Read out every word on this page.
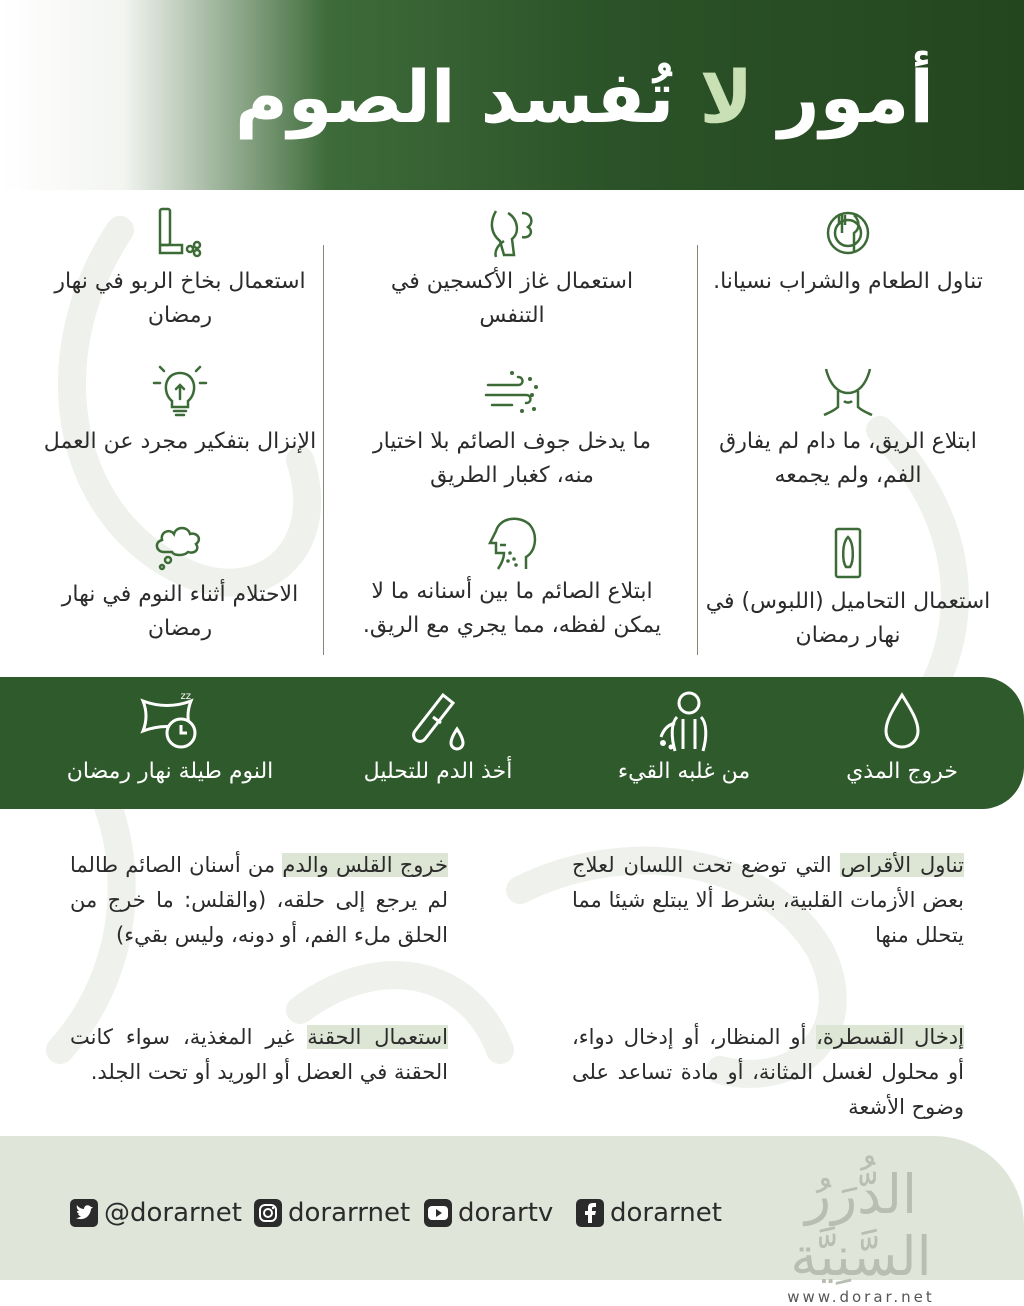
أمور لا تُفسد الصوم
تناول الطعام والشراب نسيانا.
استعمال غاز الأكسجين في التنفس
استعمال بخاخ الربو في نهار رمضان
ابتلاع الريق، ما دام لم يفارق الفم، ولم يجمعه
ما يدخل جوف الصائم بلا اختيار منه، كغبار الطريق
الإنزال بتفكير مجرد عن العمل
استعمال التحاميل (اللبوس) في نهار رمضان
ابتلاع الصائم ما بين أسنانه ما لا يمكن لفظه، مما يجري مع الريق.
الاحتلام أثناء النوم في نهار رمضان
خروج المذي
من غلبه القيء
أخذ الدم للتحليل
zz
النوم طيلة نهار رمضان
تناول الأقراص التي توضع تحت اللسان لعلاج بعض الأزمات القلبية، بشرط ألا يبتلع شيئا مما يتحلل منها
خروج القلس والدم من أسنان الصائم طالما لم يرجع إلى حلقه، (والقلس: ما خرج من الحلق ملء الفم، أو دونه، وليس بقيء)
إدخال القسطرة، أو المنظار، أو إدخال دواء، أو محلول لغسل المثانة، أو مادة تساعد على وضوح الأشعة
استعمال الحقنة غير المغذية، سواء كانت الحقنة في العضل أو الوريد أو تحت الجلد.
@dorarnet dorarrnet dorartv dorarnet	الدُّرَرُ السَّنِيَّة
www.dorar.net
